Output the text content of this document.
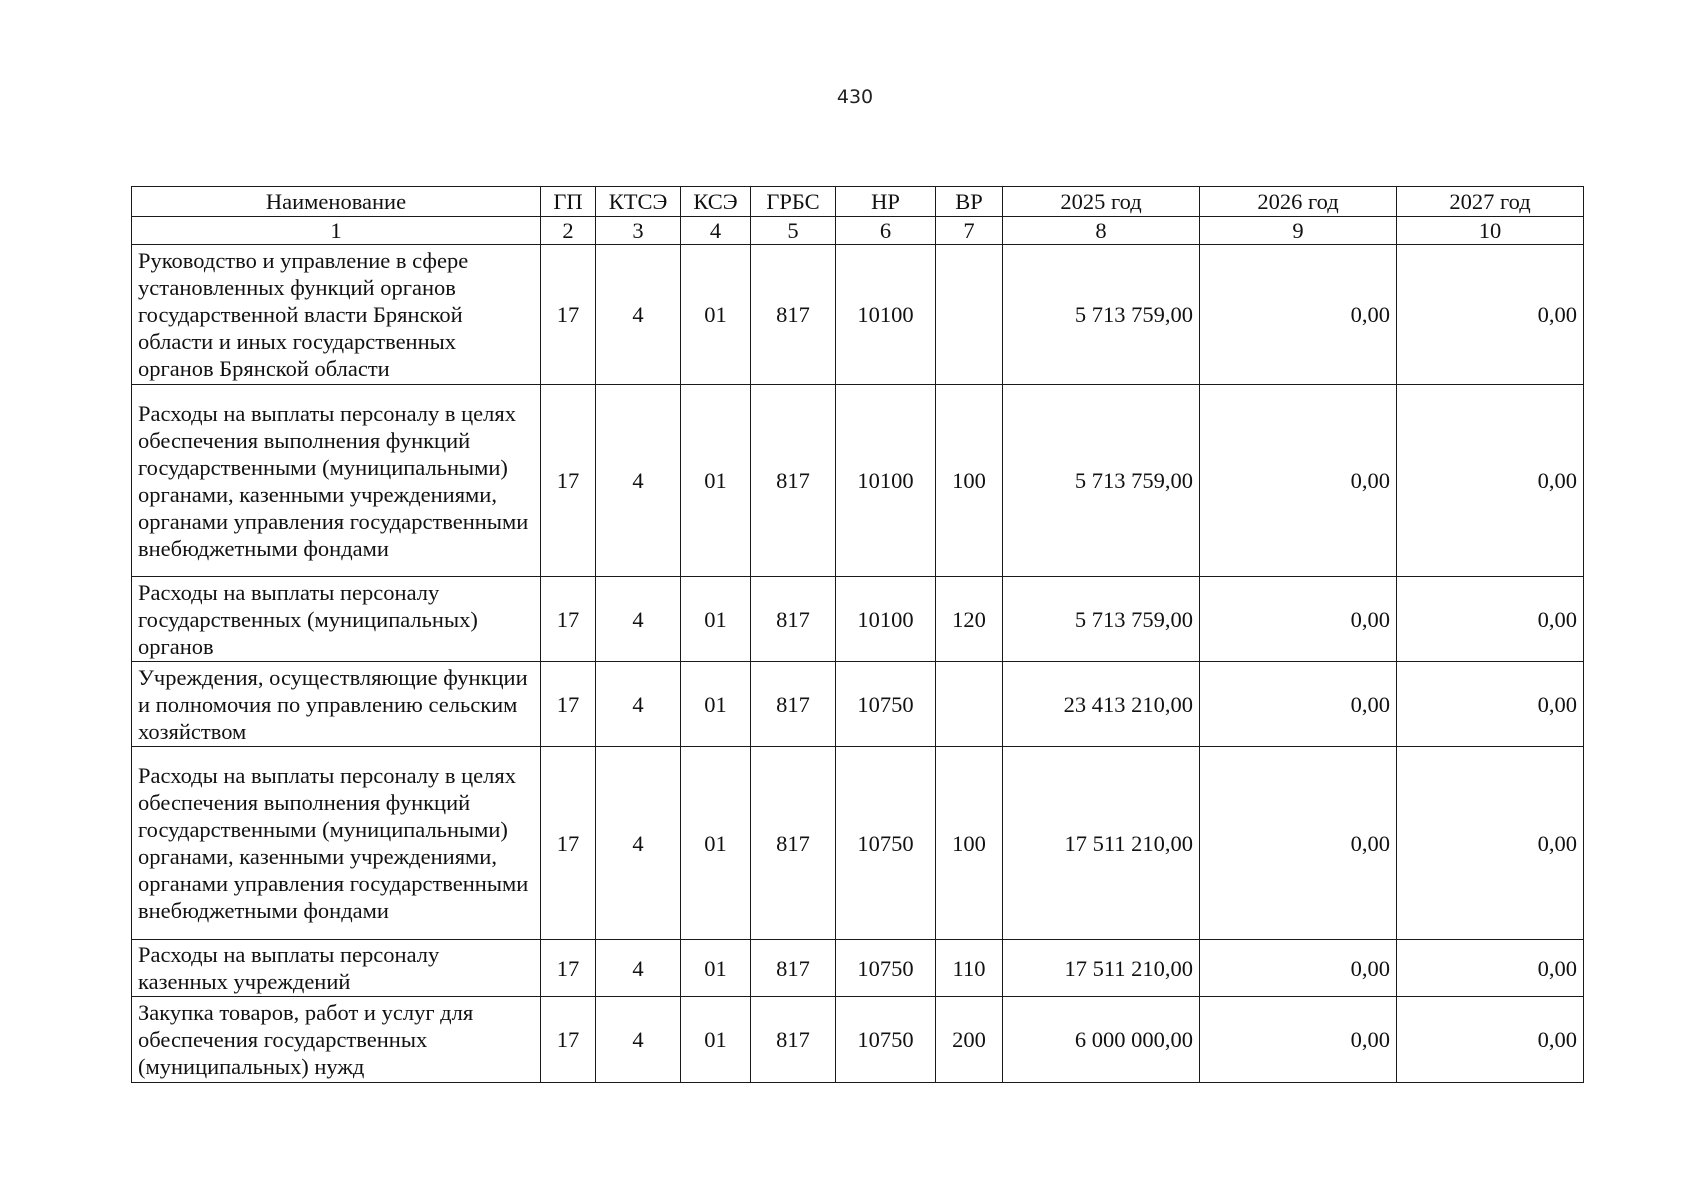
430
Наименование	ГП	КТСЭ	КСЭ	ГРБС	НР	ВР	2025 год	2026 год	2027 год
1	2	3	4	5	6	7	8	9	10
Руководство и управление в сфере установленных функций органов государственной власти Брянской области и иных государственных органов Брянской области	17	4	01	817	10100		5 713 759,00	0,00	0,00
Расходы на выплаты персоналу в целях обеспечения выполнения функций государственными (муниципальными) органами, казенными учреждениями, органами управления государственными внебюджетными фондами	17	4	01	817	10100	100	5 713 759,00	0,00	0,00
Расходы на выплаты персоналу государственных (муниципальных) органов	17	4	01	817	10100	120	5 713 759,00	0,00	0,00
Учреждения, осуществляющие функции и полномочия по управлению сельским хозяйством	17	4	01	817	10750		23 413 210,00	0,00	0,00
Расходы на выплаты персоналу в целях обеспечения выполнения функций государственными (муниципальными) органами, казенными учреждениями, органами управления государственными внебюджетными фондами	17	4	01	817	10750	100	17 511 210,00	0,00	0,00
Расходы на выплаты персоналу казенных учреждений	17	4	01	817	10750	110	17 511 210,00	0,00	0,00
Закупка товаров, работ и услуг для обеспечения государственных (муниципальных) нужд	17	4	01	817	10750	200	6 000 000,00	0,00	0,00
